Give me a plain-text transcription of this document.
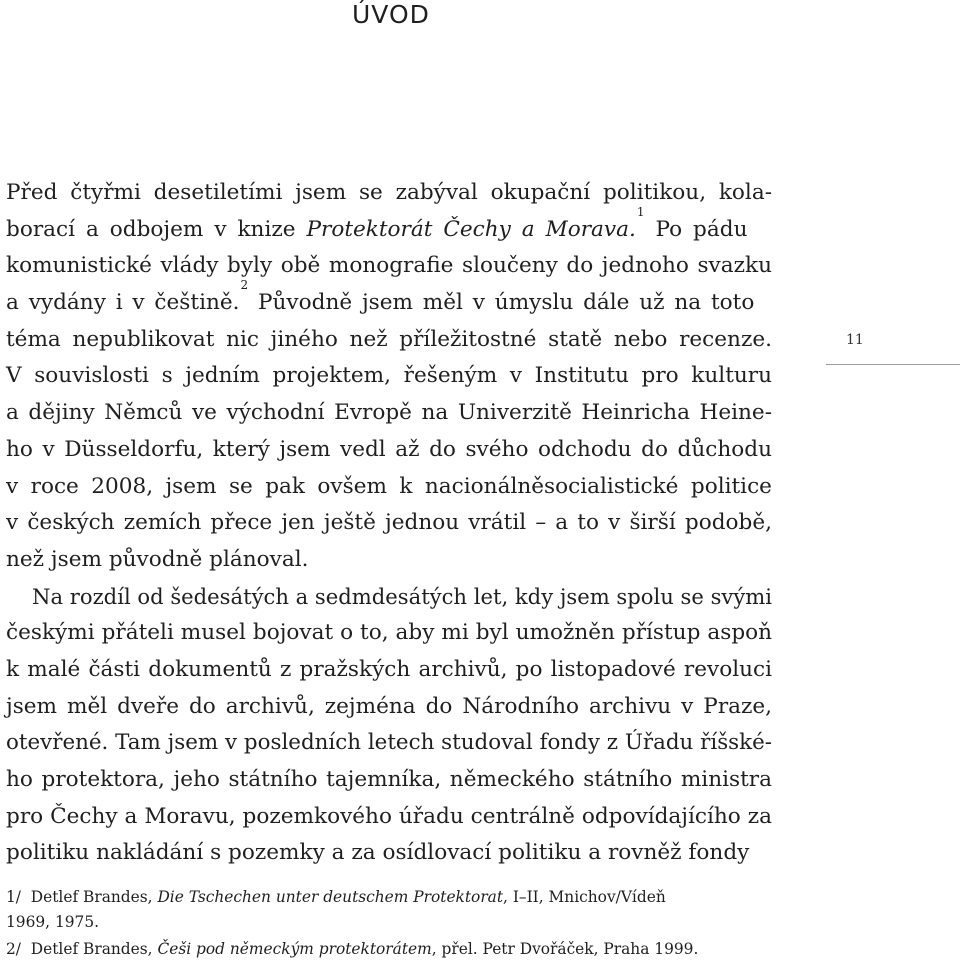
ÚVOD
11
Před čtyřmi desetiletími jsem se zabýval okupační politikou, kola-
borací a odbojem v knize Protektorát Čechy a Morava.
1
Po pádu
komunistické vlády byly obě monografie sloučeny do jednoho svazku
a vydány i v češtině.
2
Původně jsem měl v úmyslu dále už na toto
téma nepublikovat nic jiného než příležitostné statě nebo recenze.
V souvislosti s jedním projektem, řešeným v Institutu pro kulturu
a dějiny Němců ve východní Evropě na Univerzitě Heinricha Heine-
ho v Düsseldorfu, který jsem vedl až do svého odchodu do důchodu
v roce 2008, jsem se pak ovšem k nacionálněsocialistické politice
v českých zemích přece jen ještě jednou vrátil – a to v širší podobě,
než jsem původně plánoval.
Na rozdíl od šedesátých a sedmdesátých let, kdy jsem spolu se svými
českými přáteli musel bojovat o to, aby mi byl umožněn přístup aspoň
k malé části dokumentů z pražských archivů, po listopadové revoluci
jsem měl dveře do archivů, zejména do Národního archivu v Praze,
otevřené. Tam jsem v posledních letech studoval fondy z Úřadu říšské-
ho protektora, jeho státního tajemníka, německého státního ministra
pro Čechy a Moravu, pozemkového úřadu centrálně odpovídajícího za
politiku nakládání s pozemky a za osídlovací politiku a rovněž fondy
1/ Detlef Brandes, Die Tschechen unter deutschem Protektorat, I–II, Mnichov/Vídeň
1969, 1975.
2/ Detlef Brandes, Češi pod německým protektorátem, přel. Petr Dvořáček, Praha 1999.
